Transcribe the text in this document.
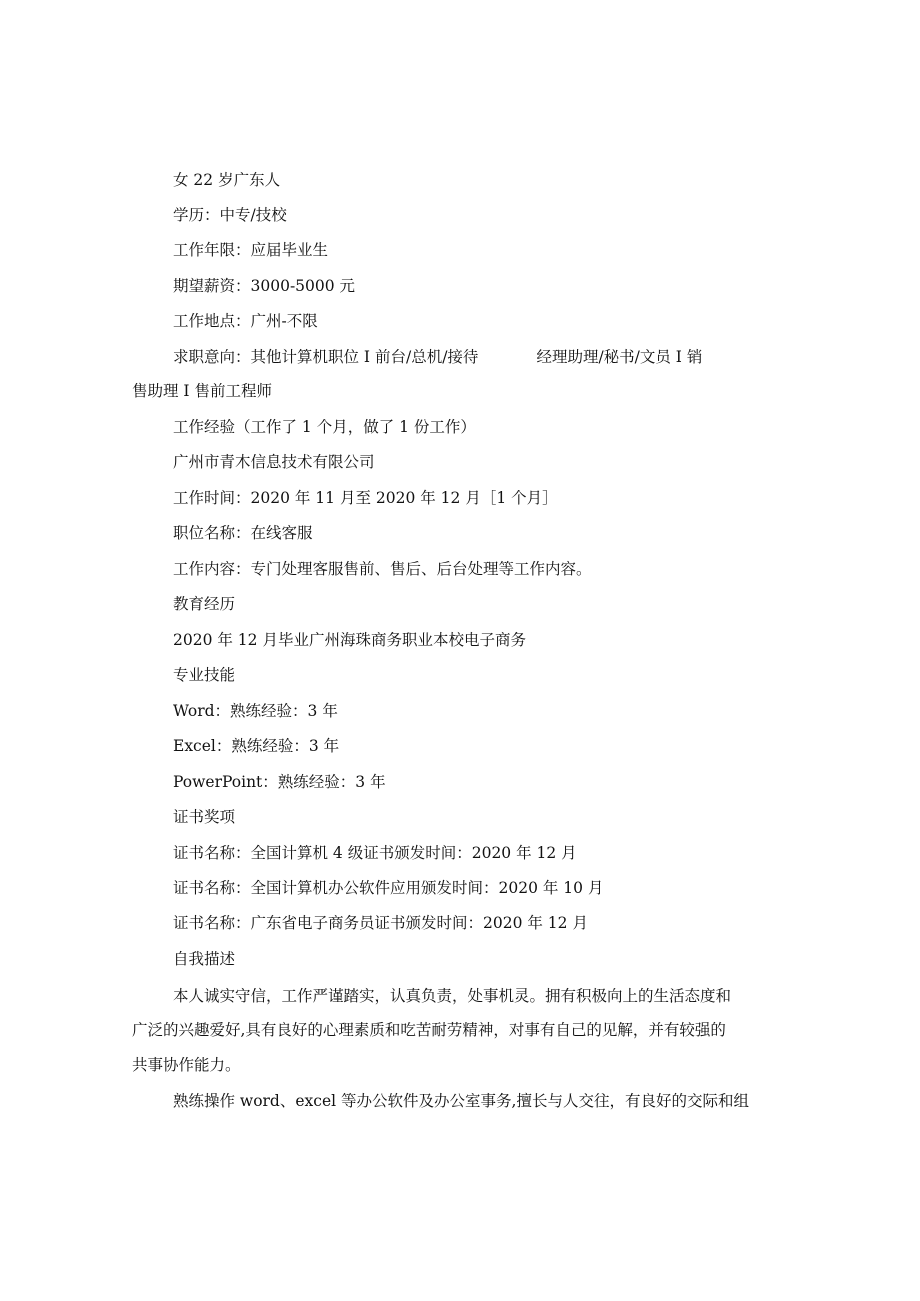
女 22 岁广东人
学历：中专/技校
工作年限：应届毕业生
期望薪资：3000-5000 元
工作地点：广州-不限
求职意向：其他计算机职位 I 前台/总机/接待	经理助理/秘书/文员 I 销
售助理 I 售前工程师
工作经验（工作了 1 个月，做了 1 份工作）
广州市青木信息技术有限公司
工作时间：2020 年 11 月至 2020 年 12 月［1 个月］
职位名称：在线客服
工作内容：专门处理客服售前、售后、后台处理等工作内容。
教育经历
2020 年 12 月毕业广州海珠商务职业本校电子商务
专业技能
Word：熟练经验：3 年
Excel：熟练经验：3 年
PowerPoint：熟练经验：3 年
证书奖项
证书名称：全国计算机 4 级证书颁发时间：2020 年 12 月
证书名称：全国计算机办公软件应用颁发时间：2020 年 10 月
证书名称：广东省电子商务员证书颁发时间：2020 年 12 月
自我描述
本人诚实守信，工作严谨踏实，认真负责，处事机灵。拥有积极向上的生活态度和
广泛的兴趣爱好,具有良好的心理素质和吃苦耐劳精神，对事有自己的见解，并有较强的
共事协作能力。
熟练操作 word、excel 等办公软件及办公室事务,擅长与人交往，有良好的交际和组
